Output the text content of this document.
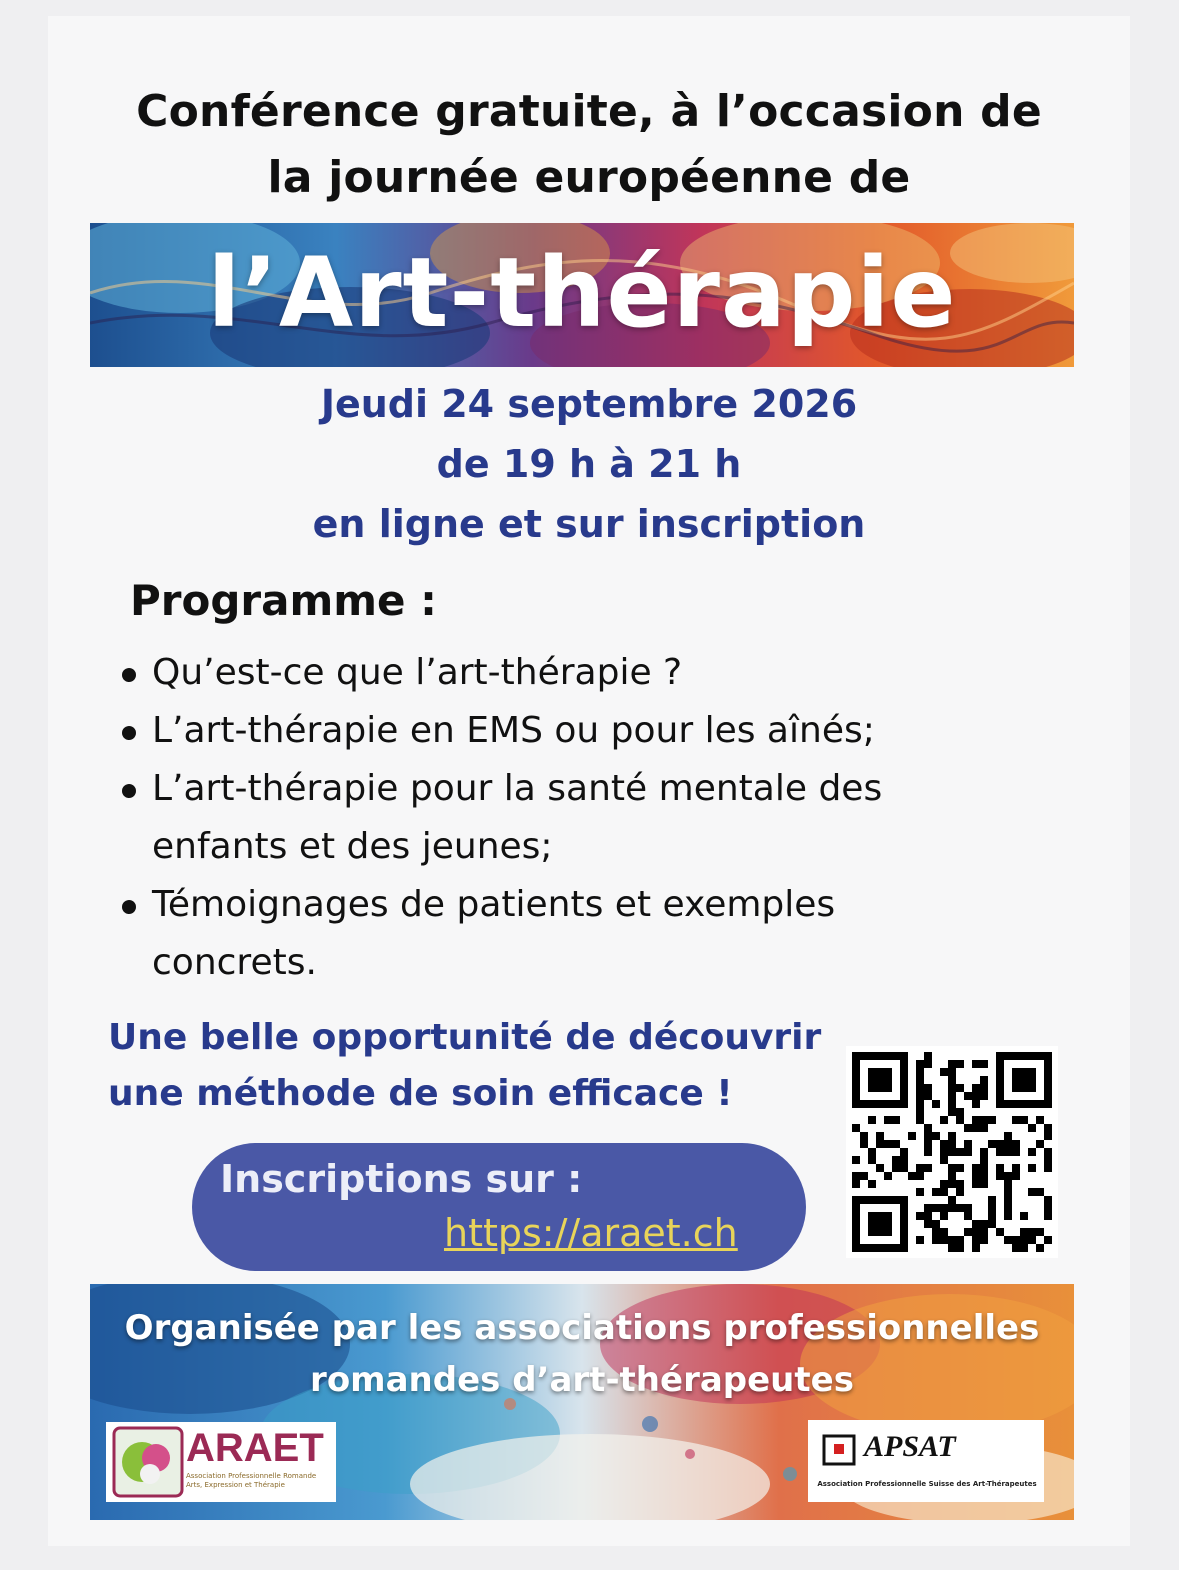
Conférence gratuite, à l’occasion de
la journée européenne de
l’Art-thérapie
Jeudi 24 septembre 2026
de 19 h à 21 h
en ligne et sur inscription
Programme :
Qu’est-ce que l’art-thérapie ?
L’art-thérapie en EMS ou pour les aînés;
L’art-thérapie pour la santé mentale des
enfants et des jeunes;
Témoignages de patients et exemples
concrets.
Une belle opportunité de découvrir
une méthode de soin efficace !
Inscriptions sur :
https://araet.ch
Organisée par les associations professionnelles
romandes d’art-thérapeutes
ARAET
Association Professionnelle Romande
Arts, Expression et Thérapie
APSAT
Association Professionnelle Suisse des Art-Thérapeutes
